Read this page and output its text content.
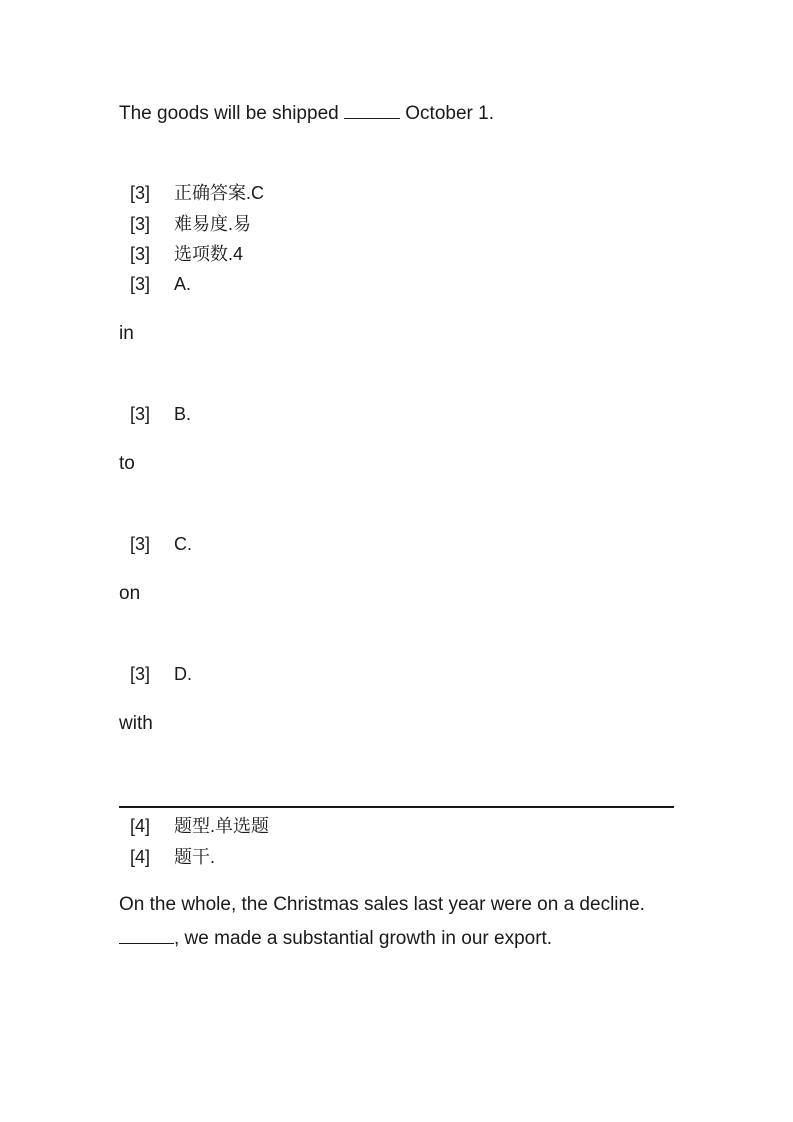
The goods will be shipped	October 1.
[3] 正确答案.C
[3] 难易度.易
[3] 选项数.4
[3] A.
in
[3] B.
to
[3] C.
on
[3] D.
with
[4] 题型.单选题
[4] 题干.
On the whole, the Christmas sales last year were on a decline.
, we made a substantial growth in our export.
